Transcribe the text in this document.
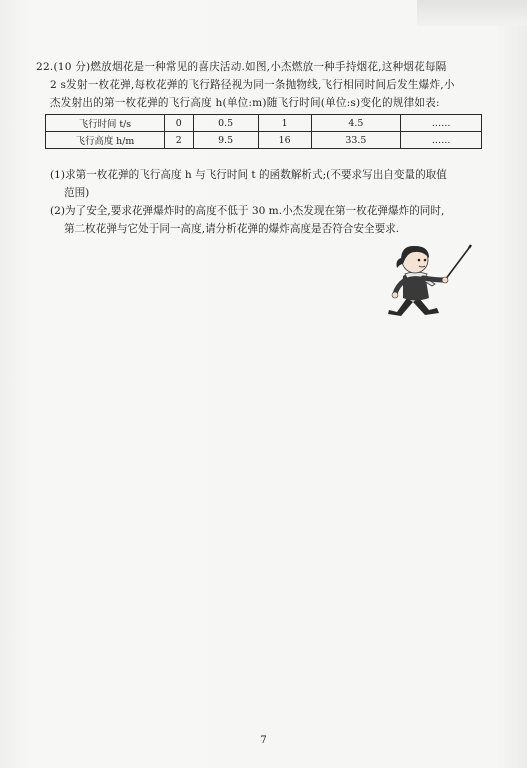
22.(10 分)燃放烟花是一种常见的喜庆活动.如图,小杰燃放一种手持烟花,这种烟花每隔

2 s发射一枚花弹,每枚花弹的飞行路径视为同一条抛物线,飞行相同时间后发生爆炸,小

杰发射出的第一枚花弹的飞行高度 h(单位:m)随飞行时间(单位:s)变化的规律如表:

飞行时间 t/s	0	0.5	1	4.5	……
飞行高度 h/m	2	9.5	16	33.5	……
(1)求第一枚花弹的飞行高度 h 与飞行时间 t 的函数解析式;(不要求写出自变量的取值
范围)
(2)为了安全,要求花弹爆炸时的高度不低于 30 m.小杰发现在第一枚花弹爆炸的同时,
第二枚花弹与它处于同一高度,请分析花弹的爆炸高度是否符合安全要求.
7
